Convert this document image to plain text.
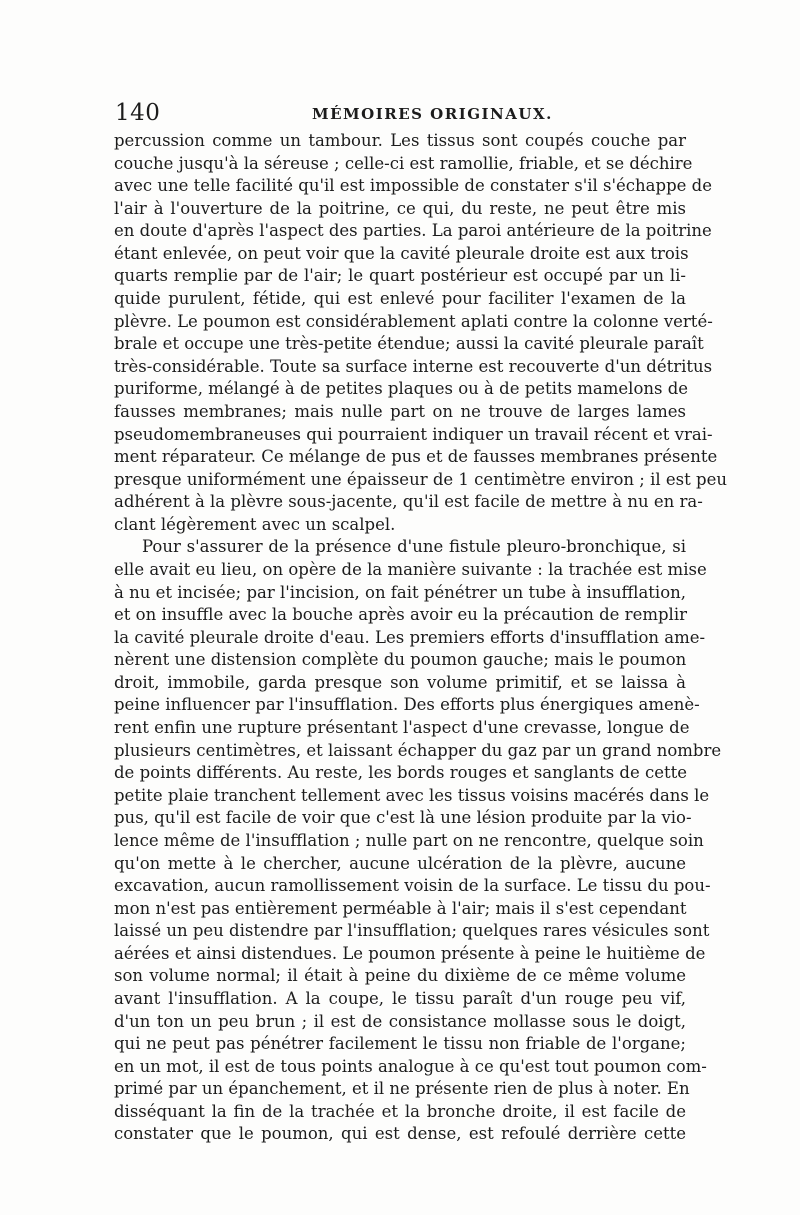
140	MÉMOIRES ORIGINAUX.
percussion comme un tambour. Les tissus sont coupés couche par
couche jusqu'à la séreuse ; celle-ci est ramollie, friable, et se déchire
avec une telle facilité qu'il est impossible de constater s'il s'échappe de
l'air à l'ouverture de la poitrine, ce qui, du reste, ne peut être mis
en doute d'après l'aspect des parties. La paroi antérieure de la poitrine
étant enlevée, on peut voir que la cavité pleurale droite est aux trois
quarts remplie par de l'air; le quart postérieur est occupé par un li-
quide purulent, fétide, qui est enlevé pour faciliter l'examen de la
plèvre. Le poumon est considérablement aplati contre la colonne verté-
brale et occupe une très-petite étendue; aussi la cavité pleurale paraît
très-considérable. Toute sa surface interne est recouverte d'un détritus
puriforme, mélangé à de petites plaques ou à de petits mamelons de
fausses membranes; mais nulle part on ne trouve de larges lames
pseudomembraneuses qui pourraient indiquer un travail récent et vrai-
ment réparateur. Ce mélange de pus et de fausses membranes présente
presque uniformément une épaisseur de 1 centimètre environ ; il est peu
adhérent à la plèvre sous-jacente, qu'il est facile de mettre à nu en ra-
clant légèrement avec un scalpel.
Pour s'assurer de la présence d'une fistule pleuro-bronchique, si
elle avait eu lieu, on opère de la manière suivante : la trachée est mise
à nu et incisée; par l'incision, on fait pénétrer un tube à insufflation,
et on insuffle avec la bouche après avoir eu la précaution de remplir
la cavité pleurale droite d'eau. Les premiers efforts d'insufflation ame-
nèrent une distension complète du poumon gauche; mais le poumon
droit, immobile, garda presque son volume primitif, et se laissa à
peine influencer par l'insufflation. Des efforts plus énergiques amenè-
rent enfin une rupture présentant l'aspect d'une crevasse, longue de
plusieurs centimètres, et laissant échapper du gaz par un grand nombre
de points différents. Au reste, les bords rouges et sanglants de cette
petite plaie tranchent tellement avec les tissus voisins macérés dans le
pus, qu'il est facile de voir que c'est là une lésion produite par la vio-
lence même de l'insufflation ; nulle part on ne rencontre, quelque soin
qu'on mette à le chercher, aucune ulcération de la plèvre, aucune
excavation, aucun ramollissement voisin de la surface. Le tissu du pou-
mon n'est pas entièrement perméable à l'air; mais il s'est cependant
laissé un peu distendre par l'insufflation; quelques rares vésicules sont
aérées et ainsi distendues. Le poumon présente à peine le huitième de
son volume normal; il était à peine du dixième de ce même volume
avant l'insufflation. A la coupe, le tissu paraît d'un rouge peu vif,
d'un ton un peu brun ; il est de consistance mollasse sous le doigt,
qui ne peut pas pénétrer facilement le tissu non friable de l'organe;
en un mot, il est de tous points analogue à ce qu'est tout poumon com-
primé par un épanchement, et il ne présente rien de plus à noter. En
disséquant la fin de la trachée et la bronche droite, il est facile de
constater que le poumon, qui est dense, est refoulé derrière cette
